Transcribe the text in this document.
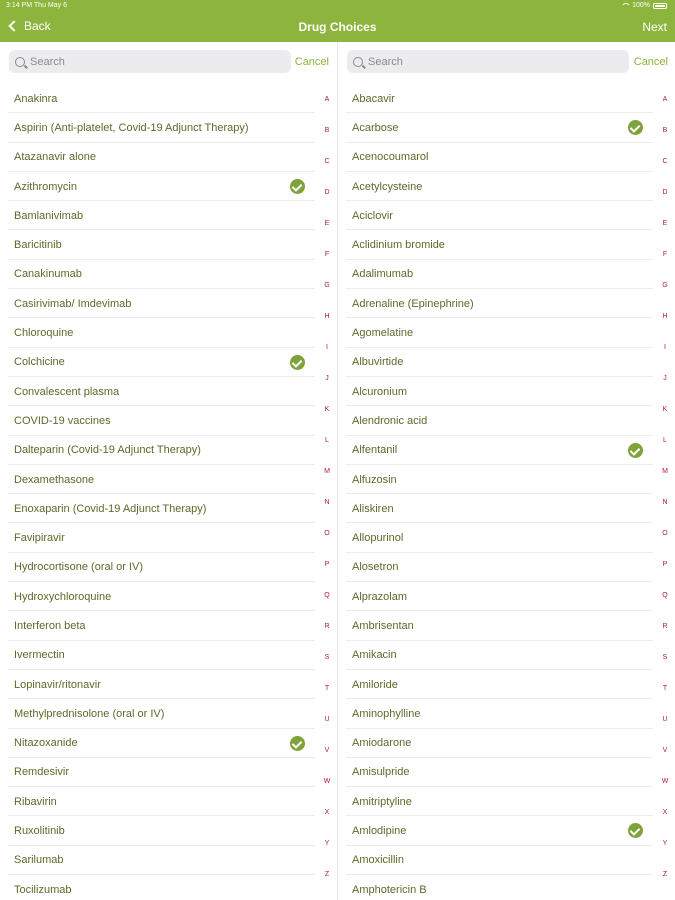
3:14 PM Thu May 6	100%
Back	Drug Choices	Next
Search
Cancel
Anakinra
Aspirin (Anti-platelet, Covid-19 Adjunct Therapy)
Atazanavir alone
Azithromycin
Bamlanivimab
Baricitinib
Canakinumab
Casirivimab/ Imdevimab
Chloroquine
Colchicine
Convalescent plasma
COVID-19 vaccines
Dalteparin (Covid-19 Adjunct Therapy)
Dexamethasone
Enoxaparin (Covid-19 Adjunct Therapy)
Favipiravir
Hydrocortisone (oral or IV)
Hydroxychloroquine
Interferon beta
Ivermectin
Lopinavir/ritonavir
Methylprednisolone (oral or IV)
Nitazoxanide
Remdesivir
Ribavirin
Ruxolitinib
Sarilumab
Tocilizumab
A
B
C
D
E
F
G
H
I
J
K
L
M
N
O
P
Q
R
S
T
U
V
W
X
Y
Z
Search
Cancel
Abacavir
Acarbose
Acenocoumarol
Acetylcysteine
Aciclovir
Aclidinium bromide
Adalimumab
Adrenaline (Epinephrine)
Agomelatine
Albuvirtide
Alcuronium
Alendronic acid
Alfentanil
Alfuzosin
Aliskiren
Allopurinol
Alosetron
Alprazolam
Ambrisentan
Amikacin
Amiloride
Aminophylline
Amiodarone
Amisulpride
Amitriptyline
Amlodipine
Amoxicillin
Amphotericin B
A
B
C
D
E
F
G
H
I
J
K
L
M
N
O
P
Q
R
S
T
U
V
W
X
Y
Z
